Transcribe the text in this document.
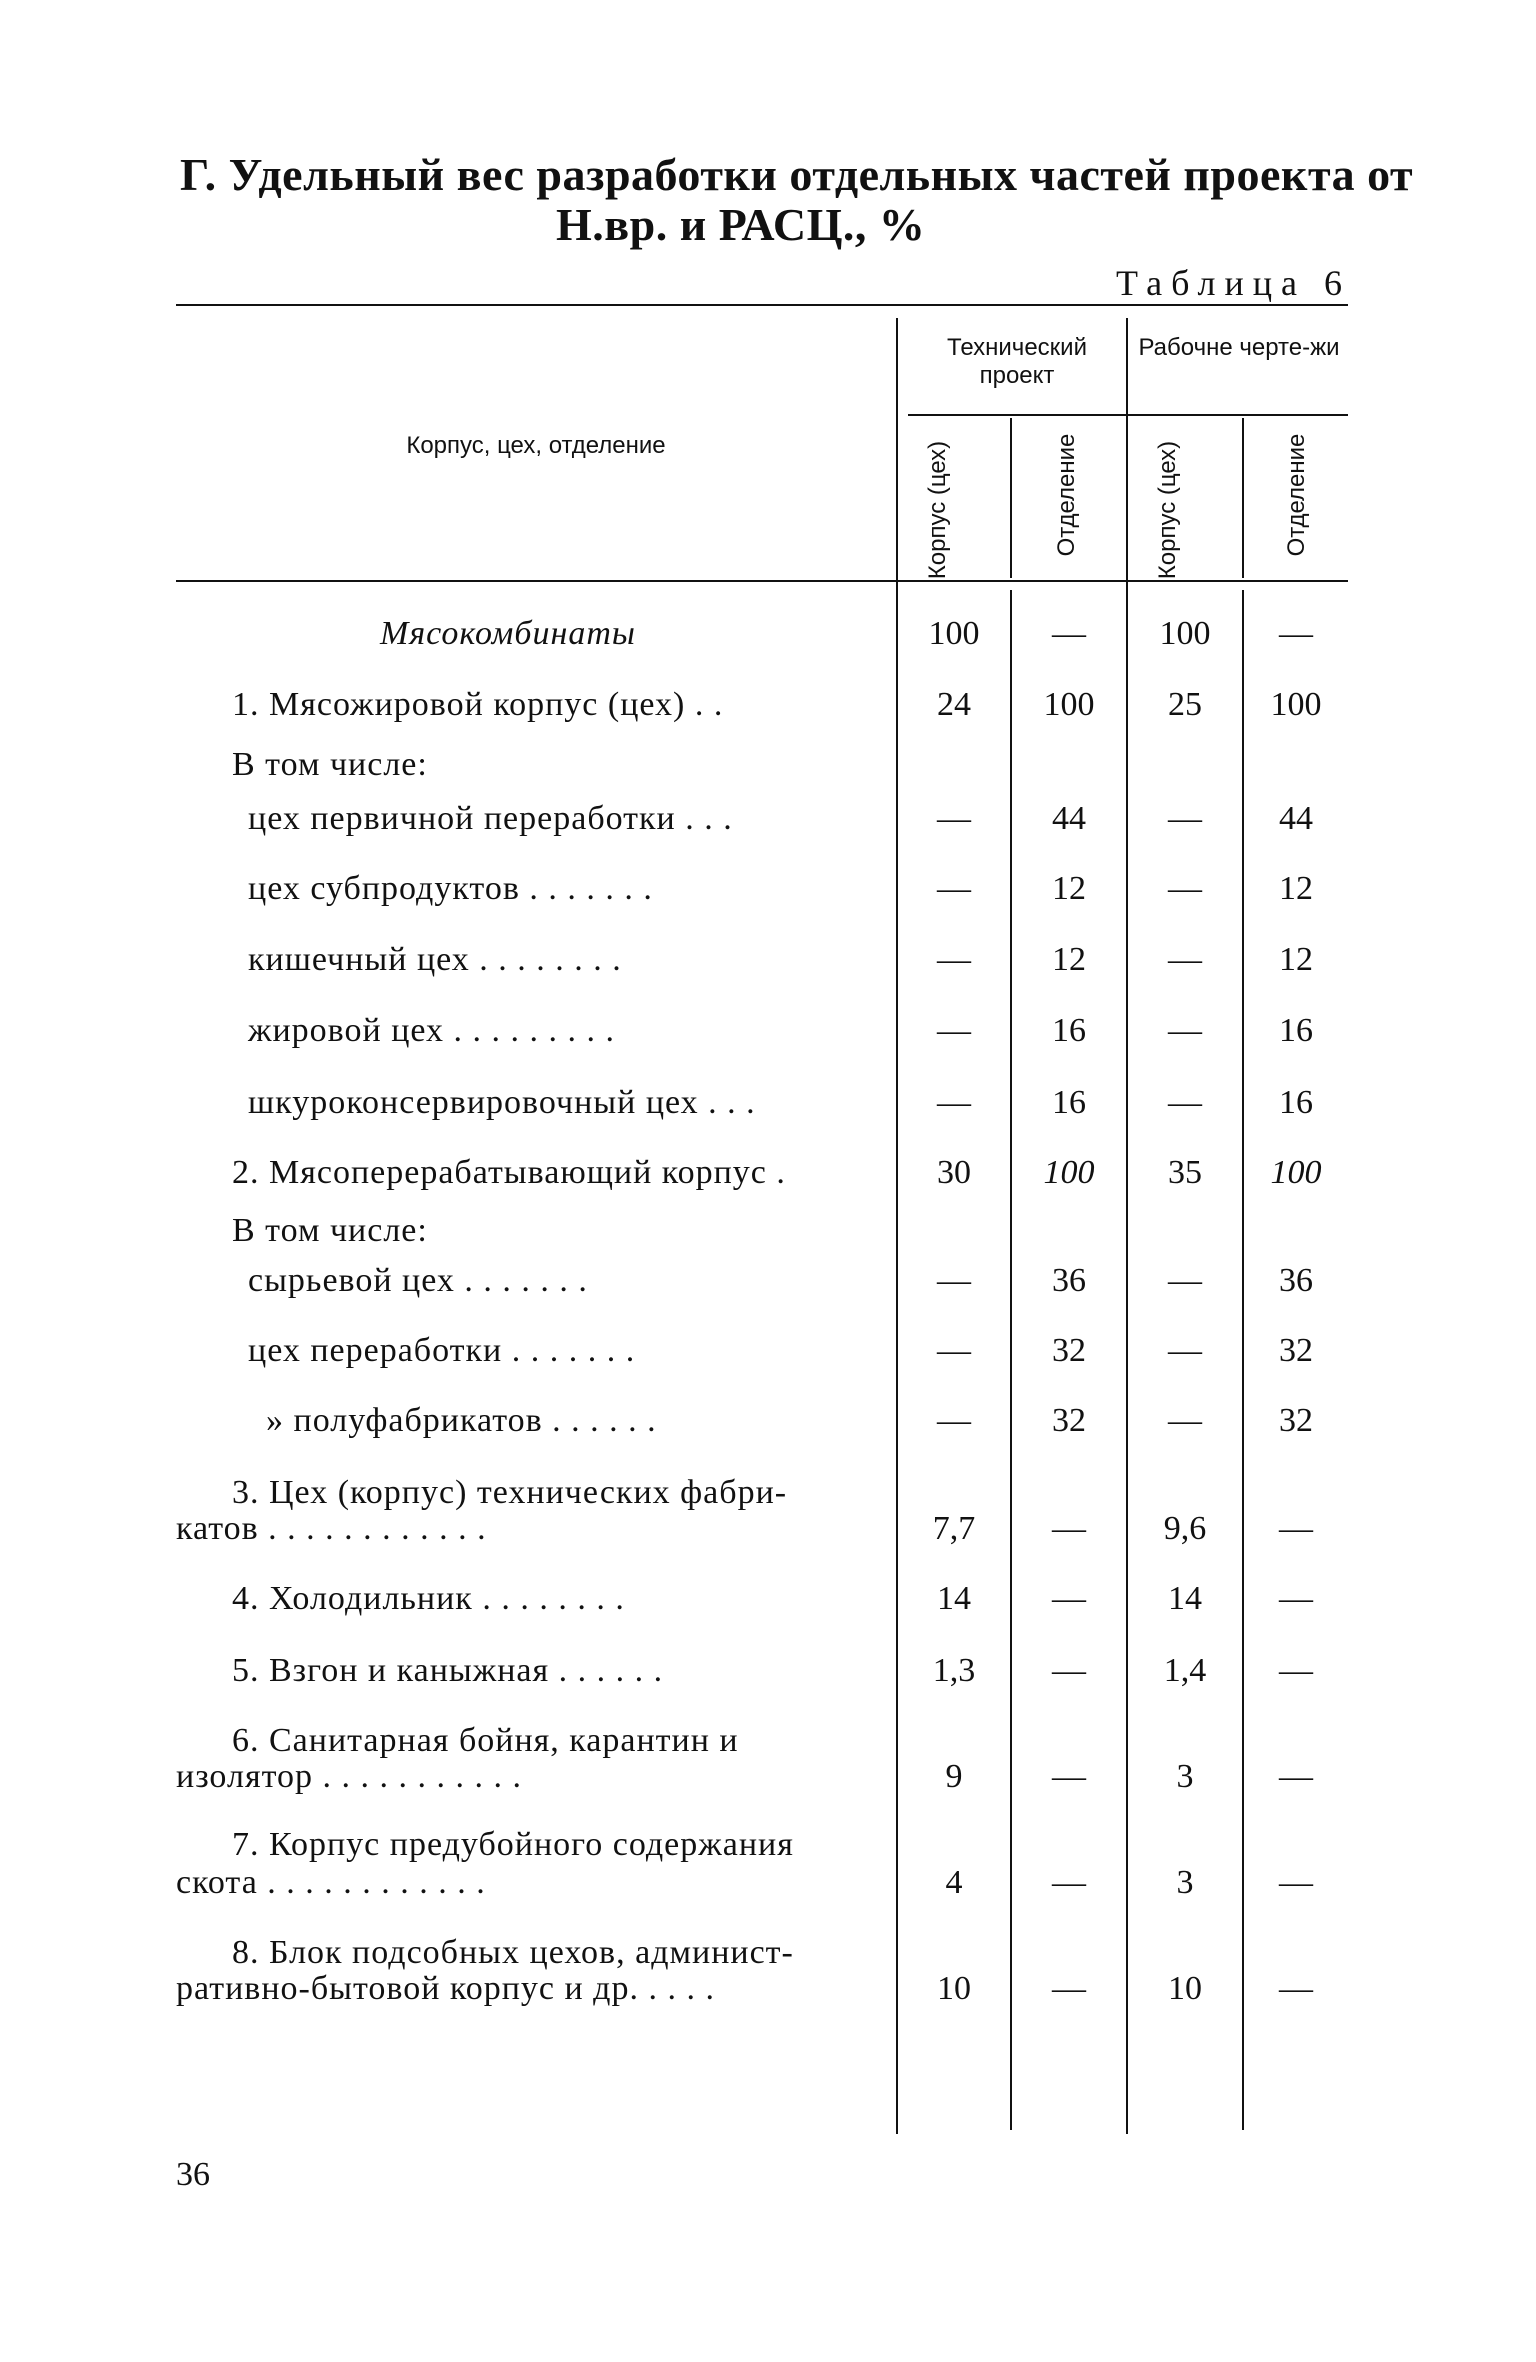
Г. Удельный вес разработки отдельных частей проекта от
Н.вр. и РАСЦ., %
Таблица 6
Корпус, цех, отделение
Технический проект
Рабочне черте-жи
Корпус (цех)	Отделение	Корпус (цех)	Отделение
Мясокомбинаты	100	—	100	—
1. Мясожировой корпус (цех) . .	24	100	25	100
В том числе:
цех первичной переработки . . .	—	44	—	44
цех субпродуктов . . . . . . .	—	12	—	12
кишечный цех . . . . . . . .	—	12	—	12
жировой цех . . . . . . . . .	—	16	—	16
шкуроконсервировочный цех . . .	—	16	—	16
2. Мясоперерабатывающий корпус .	30	100	35	100
В том числе:
сырьевой цех . . . . . . .	—	36	—	36
цех переработки . . . . . . .	—	32	—	32
» полуфабрикатов . . . . . .	—	32	—	32
3. Цех (корпус) технических фабри-
катов . . . . . . . . . . . .	7,7	—	9,6	—
4. Холодильник . . . . . . . .	14	—	14	—
5. Взгон и каныжная . . . . . .	1,3	—	1,4	—
6. Санитарная бойня, карантин и
изолятор . . . . . . . . . . .	9	—	3	—
7. Корпус предубойного содержания
скота . . . . . . . . . . . .	4	—	3	—
8. Блок подсобных цехов, админист-
ративно-бытовой корпус и др. . . . .	10	—	10	—
36
